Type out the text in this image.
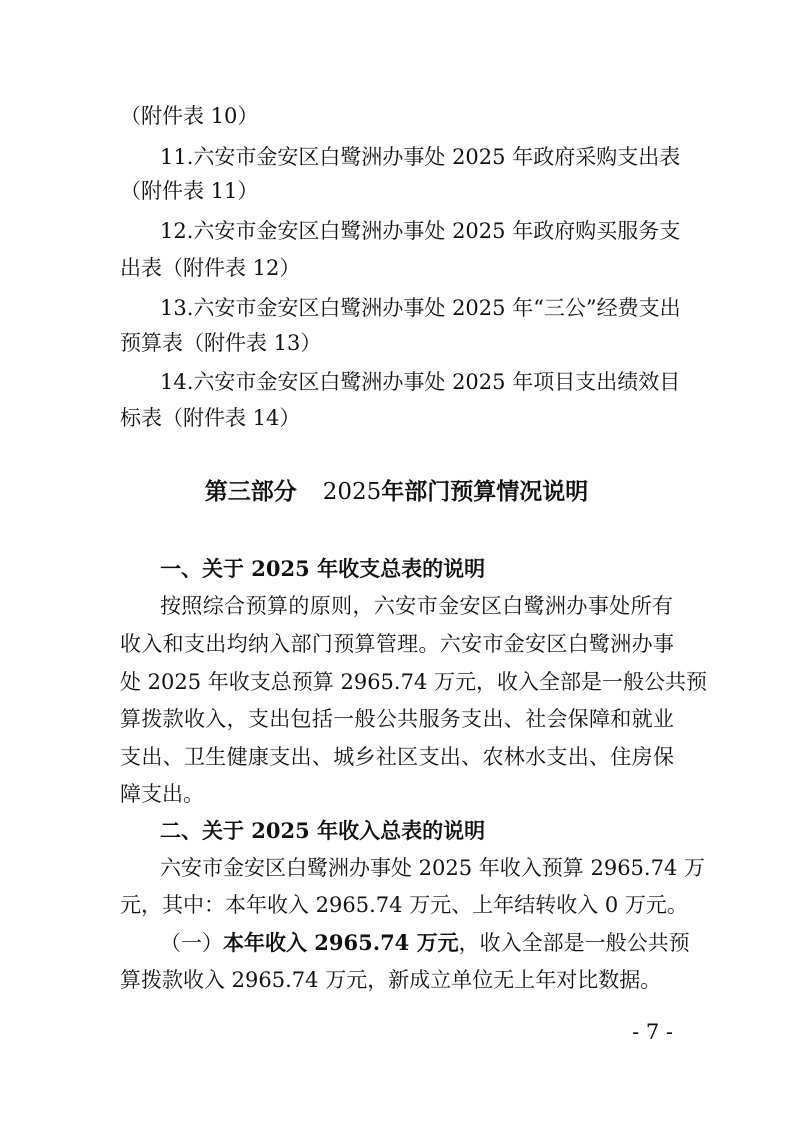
（附件表 10）
11.六安市金安区白鹭洲办事处 2025 年政府采购支出表
（附件表 11）
12.六安市金安区白鹭洲办事处 2025 年政府购买服务支
出表（附件表 12）
13.六安市金安区白鹭洲办事处 2025 年“三公”经费支出
预算表（附件表 13）
14.六安市金安区白鹭洲办事处 2025 年项目支出绩效目
标表（附件表 14）
第三部分 2025年部门预算情况说明
一、关于 2025 年收支总表的说明
按照综合预算的原则，六安市金安区白鹭洲办事处所有
收入和支出均纳入部门预算管理。六安市金安区白鹭洲办事
处 2025 年收支总预算 2965.74 万元，收入全部是一般公共预
算拨款收入，支出包括一般公共服务支出、社会保障和就业
支出、卫生健康支出、城乡社区支出、农林水支出、住房保
障支出。
二、关于 2025 年收入总表的说明
六安市金安区白鹭洲办事处 2025 年收入预算 2965.74 万
元，其中：本年收入 2965.74 万元、上年结转收入 0 万元。
（一）本年收入 2965.74 万元，收入全部是一般公共预
算拨款收入 2965.74 万元，新成立单位无上年对比数据。
- 7 -
